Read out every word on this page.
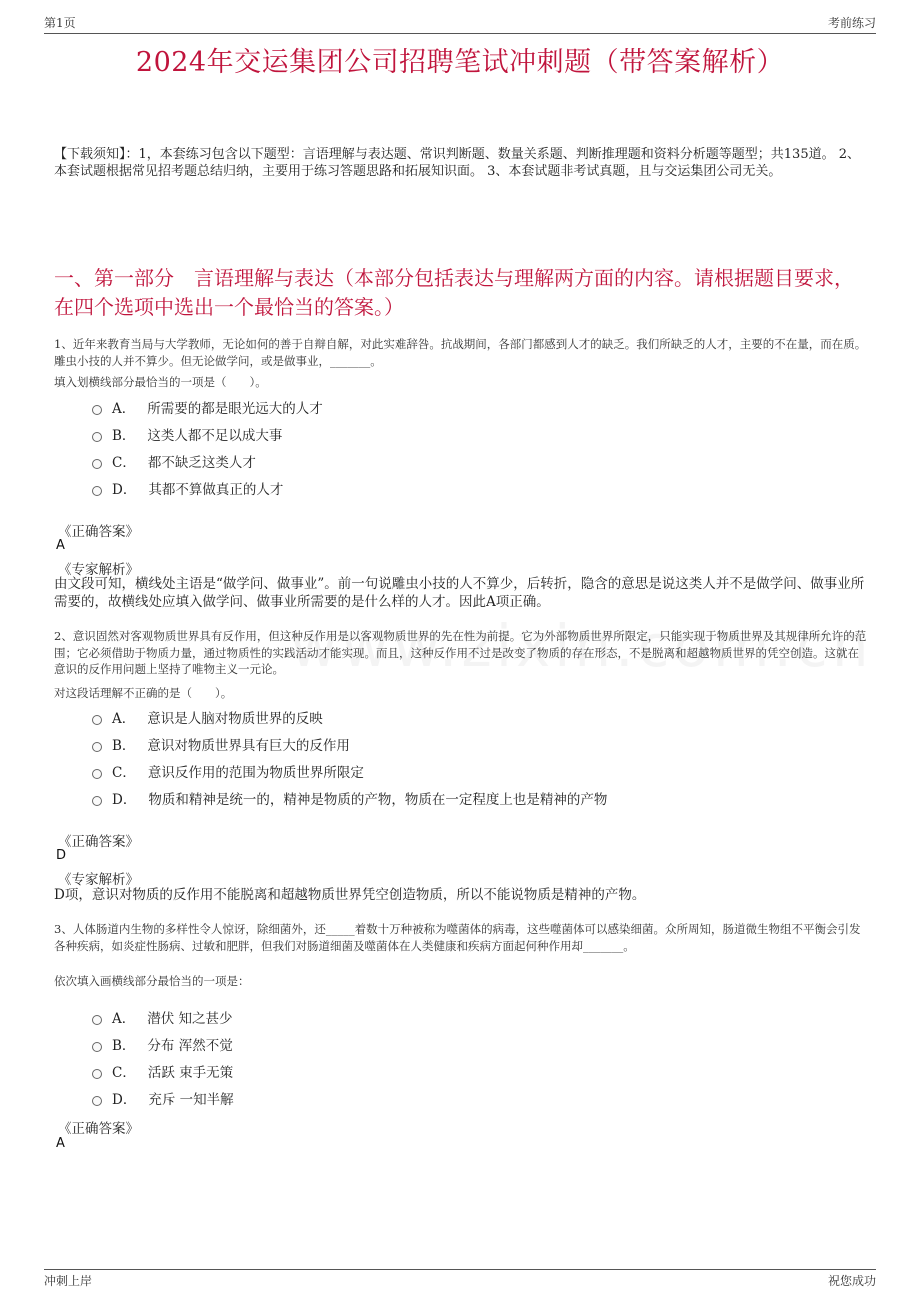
第1页	考前练习
2024年交运集团公司招聘笔试冲刺题（带答案解析）
【下载须知】：1，本套练习包含以下题型：言语理解与表达题、常识判断题、数量关系题、判断推理题和资料分析题等题型；共135道。 2、本套试题根据常见招考题总结归纳，主要用于练习答题思路和拓展知识面。 3、本套试题非考试真题，且与交运集团公司无关。
一、第一部分　言语理解与表达（本部分包括表达与理解两方面的内容。请根据题目要求，在四个选项中选出一个最恰当的答案。）
1、近年来教育当局与大学教师，无论如何的善于自辩自解，对此实难辞咎。抗战期间，各部门都感到人才的缺乏。我们所缺乏的人才，主要的不在量，而在质。雕虫小技的人并不算少。但无论做学问，或是做事业，_______。
填入划横线部分最恰当的一项是（　　）。
A． 所需要的都是眼光远大的人才
B． 这类人都不足以成大事
C． 都不缺乏这类人才
D． 其都不算做真正的人才
《正确答案》
A
《专家解析》
由文段可知，横线处主语是“做学问、做事业”。前一句说雕虫小技的人不算少，后转折，隐含的意思是说这类人并不是做学问、做事业所需要的，故横线处应填入做学问、做事业所需要的是什么样的人才。因此A项正确。
2、意识固然对客观物质世界具有反作用，但这种反作用是以客观物质世界的先在性为前提。它为外部物质世界所限定，只能实现于物质世界及其规律所允许的范围；它必须借助于物质力量，通过物质性的实践活动才能实现。而且，这种反作用不过是改变了物质的存在形态，不是脱离和超越物质世界的凭空创造。这就在意识的反作用问题上坚持了唯物主义一元论。
对这段话理解不正确的是（　　）。
A． 意识是人脑对物质世界的反映
B． 意识对物质世界具有巨大的反作用
C． 意识反作用的范围为物质世界所限定
D． 物质和精神是统一的，精神是物质的产物，物质在一定程度上也是精神的产物
《正确答案》
D
《专家解析》
D项，意识对物质的反作用不能脱离和超越物质世界凭空创造物质，所以不能说物质是精神的产物。
3、人体肠道内生物的多样性令人惊讶，除细菌外，还_____着数十万种被称为噬菌体的病毒，这些噬菌体可以感染细菌。众所周知，肠道微生物组不平衡会引发各种疾病，如炎症性肠病、过敏和肥胖，但我们对肠道细菌及噬菌体在人类健康和疾病方面起何种作用却_______。
依次填入画横线部分最恰当的一项是：
A． 潜伏 知之甚少
B． 分布 浑然不觉
C． 活跃 束手无策
D． 充斥 一知半解
《正确答案》
A
冲刺上岸	祝您成功
